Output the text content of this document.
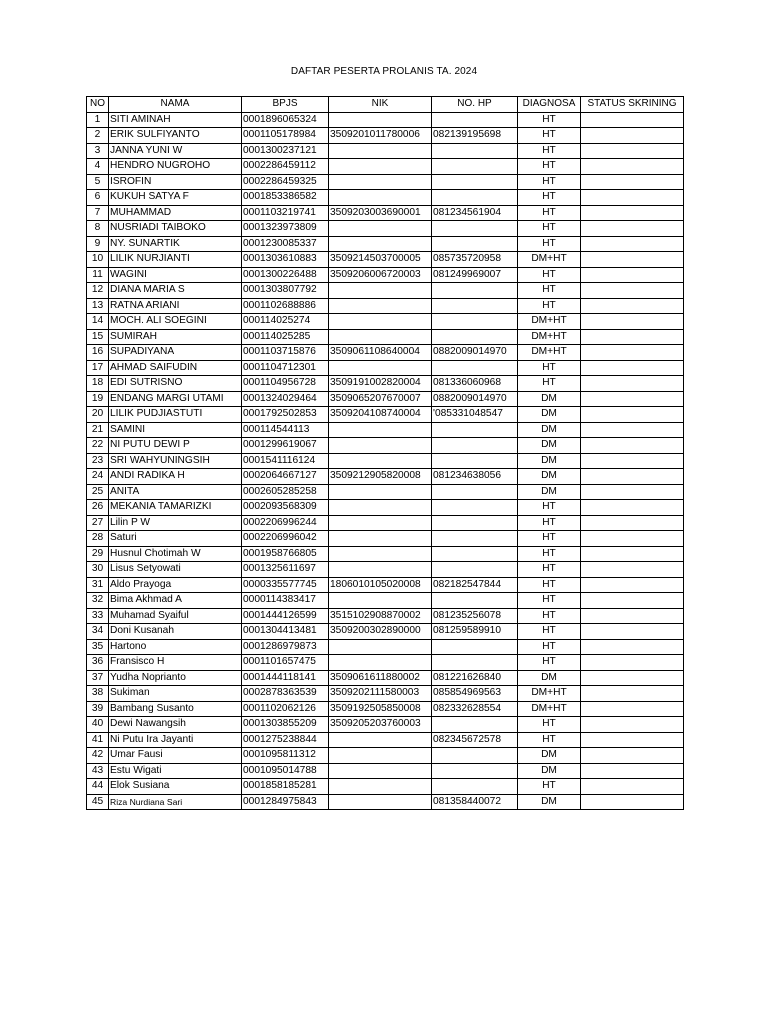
DAFTAR PESERTA PROLANIS TA. 2024
NO	NAMA	BPJS	NIK	NO. HP	DIAGNOSA	STATUS SKRINING
1	SITI AMINAH	0001896065324			HT	
2	ERIK SULFIYANTO	0001105178984	3509201011780006	082139195698	HT	
3	JANNA YUNI W	0001300237121			HT	
4	HENDRO NUGROHO	0002286459112			HT	
5	ISROFIN	0002286459325			HT	
6	KUKUH SATYA F	0001853386582			HT	
7	MUHAMMAD	0001103219741	3509203003690001	081234561904	HT	
8	NUSRIADI TAIBOKO	0001323973809			HT	
9	NY. SUNARTIK	0001230085337			HT	
10	LILIK NURJIANTI	0001303610883	3509214503700005	085735720958	DM+HT	
11	WAGINI	0001300226488	3509206006720003	081249969007	HT	
12	DIANA MARIA S	0001303807792			HT	
13	RATNA ARIANI	0001102688886			HT	
14	MOCH. ALI SOEGINI	000114025274			DM+HT	
15	SUMIRAH	000114025285			DM+HT	
16	SUPADIYANA	0001103715876	3509061108640004	0882009014970	DM+HT	
17	AHMAD SAIFUDIN	0001104712301			HT	
18	EDI SUTRISNO	0001104956728	3509191002820004	081336060968	HT	
19	ENDANG MARGI UTAMI	0001324029464	3509065207670007	0882009014970	DM	
20	LILIK PUDJIASTUTI	0001792502853	3509204108740004	'085331048547	DM	
21	SAMINI	000114544113			DM	
22	NI PUTU DEWI P	0001299619067			DM	
23	SRI WAHYUNINGSIH	0001541116124			DM	
24	ANDI RADIKA H	0002064667127	3509212905820008	081234638056	DM	
25	ANITA	0002605285258			DM	
26	MEKANIA TAMARIZKI	0002093568309			HT	
27	Lilin P W	0002206996244			HT	
28	Saturi	0002206996042			HT	
29	Husnul Chotimah W	0001958766805			HT	
30	Lisus Setyowati	0001325611697			HT	
31	Aldo Prayoga	0000335577745	1806010105020008	082182547844	HT	
32	Bima Akhmad A	0000114383417			HT	
33	Muhamad Syaiful	0001444126599	3515102908870002	081235256078	HT	
34	Doni Kusanah	0001304413481	3509200302890000	081259589910	HT	
35	Hartono	0001286979873			HT	
36	Fransisco H	0001101657475			HT	
37	Yudha Noprianto	0001444118141	3509061611880002	081221626840	DM	
38	Sukiman	0002878363539	3509202111580003	085854969563	DM+HT	
39	Bambang Susanto	0001102062126	3509192505850008	082332628554	DM+HT	
40	Dewi Nawangsih	0001303855209	3509205203760003		HT	
41	Ni Putu Ira Jayanti	0001275238844		082345672578	HT	
42	Umar Fausi	0001095811312			DM	
43	Estu Wigati	0001095014788			DM	
44	Elok Susiana	0001858185281			HT	
45	Riza Nurdiana Sari	0001284975843		081358440072	DM	
